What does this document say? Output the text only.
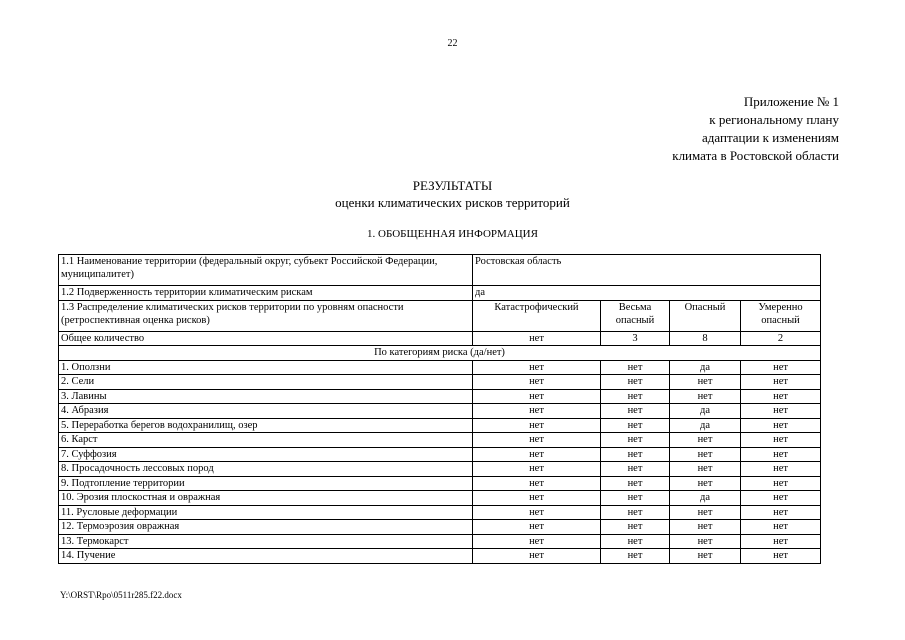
22
Приложение № 1
к региональному плану
адаптации к изменениям
климата в Ростовской области
РЕЗУЛЬТАТЫ
оценки климатических рисков территорий
1. ОБОБЩЕННАЯ ИНФОРМАЦИЯ
1.1 Наименование территории (федеральный округ, субъект Российской Федерации, муниципалитет)	Ростовская область			
1.2 Подверженность территории климатическим рискам	да			
1.3 Распределение климатических рисков территории по уровням опасности (ретроспективная оценка рисков)	Катастрофический	Весьма опасный	Опасный	Умеренно опасный
Общее количество	нет	3	8	2
По категориям риска (да/нет)				
1. Оползни	нет	нет	да	нет
2. Сели	нет	нет	нет	нет
3. Лавины	нет	нет	нет	нет
4. Абразия	нет	нет	да	нет
5. Переработка берегов водохранилищ, озер	нет	нет	да	нет
6. Карст	нет	нет	нет	нет
7. Суффозия	нет	нет	нет	нет
8. Просадочность лессовых пород	нет	нет	нет	нет
9. Подтопление территории	нет	нет	нет	нет
10. Эрозия плоскостная и овражная	нет	нет	да	нет
11. Русловые деформации	нет	нет	нет	нет
12. Термоэрозия овражная	нет	нет	нет	нет
13. Термокарст	нет	нет	нет	нет
14. Пучение	нет	нет	нет	нет
Y:\ORST\Rpo\0511r285.f22.docx
